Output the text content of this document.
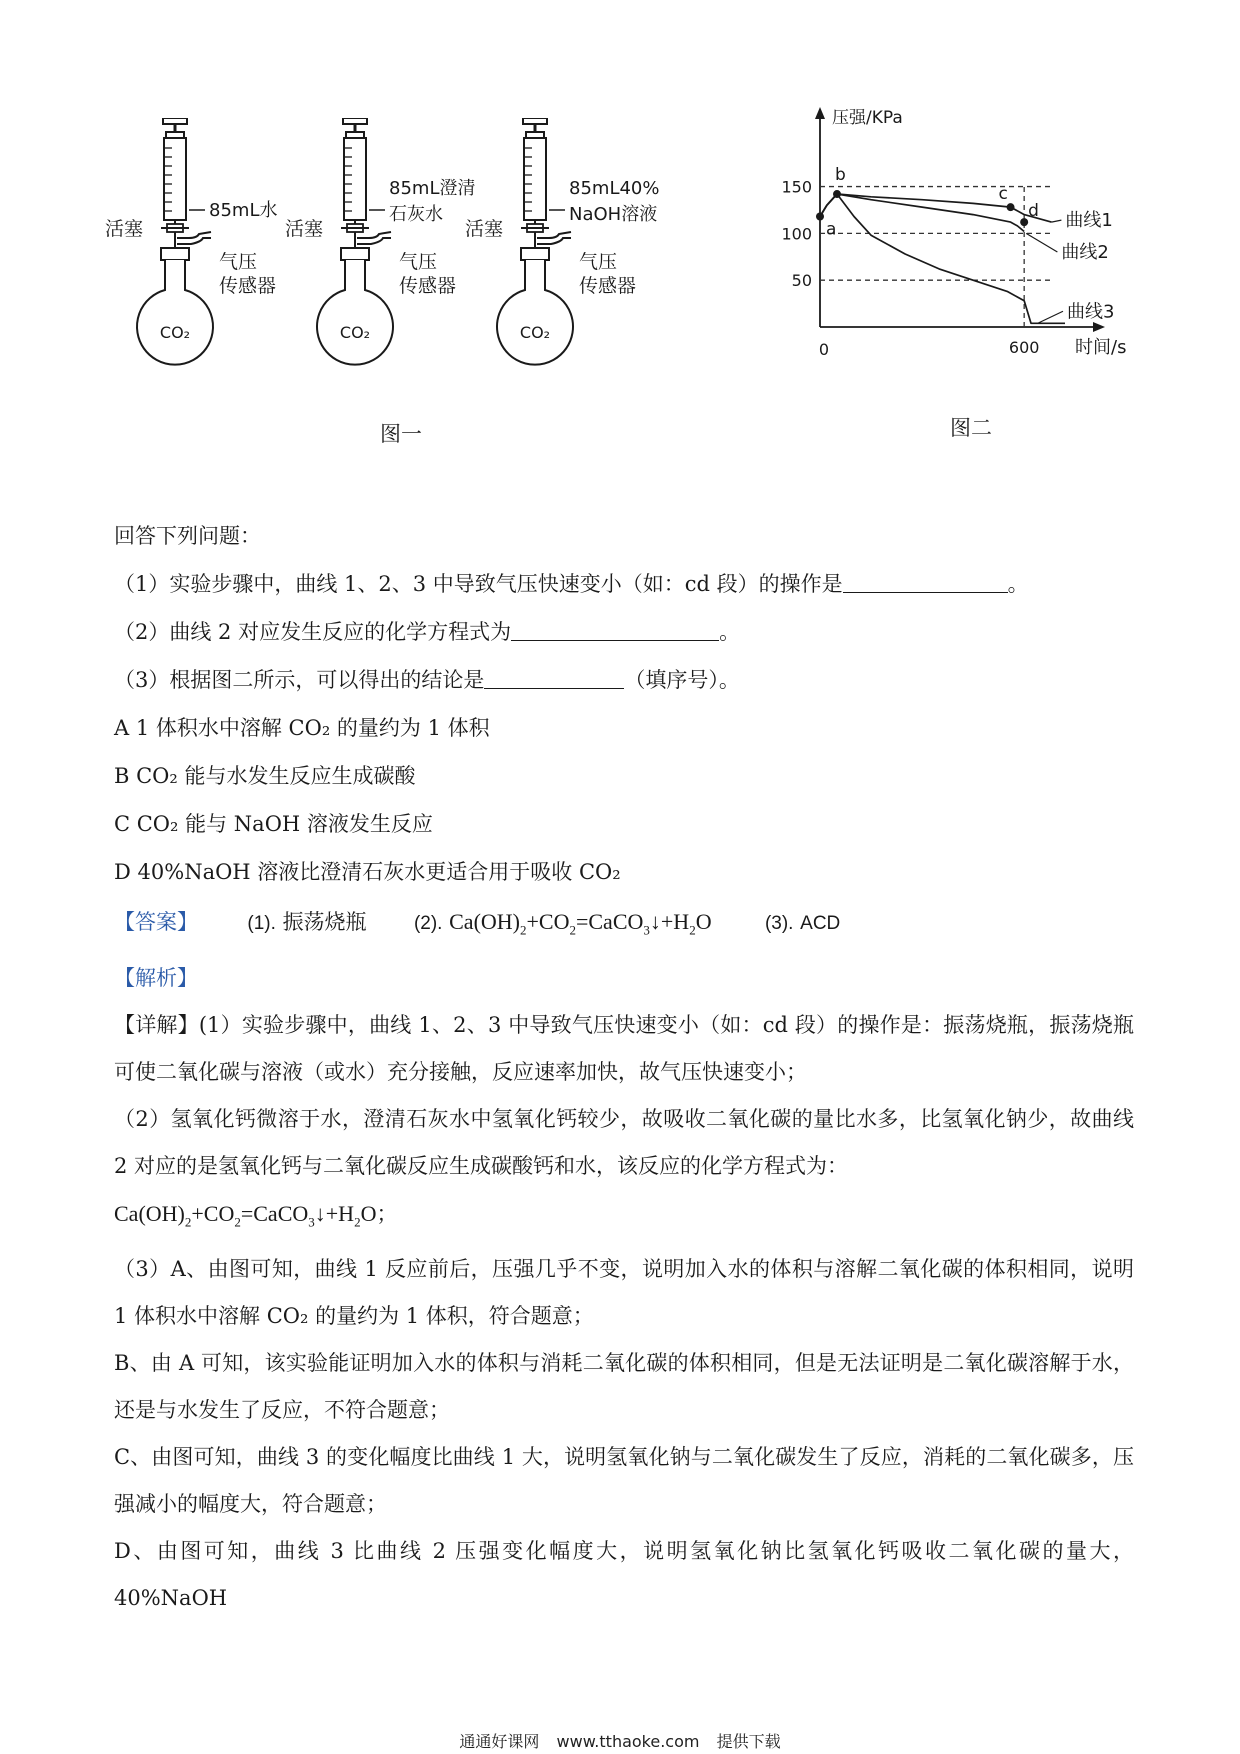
CO₂
活塞
85mL水
气压
传感器
CO₂
活塞
85mL澄清
石灰水
气压
传感器
CO₂
活塞
85mL40%
NaOH溶液
气压
传感器
压强/KPa
时间/s
150
100
50
0	600
曲线1
曲线2
曲线3
a
b
c
d
图一	图二

回答下列问题：

（1）实验步骤中，曲线 1、2、3 中导致气压快速变小（如：cd 段）的操作是	。

（2）曲线 2 对应发生反应的化学方程式为	。

（3）根据图二所示，可以得出的结论是	（填序号）。

A 1 体积水中溶解 CO₂ 的量约为 1 体积

B CO₂ 能与水发生反应生成碳酸

C CO₂ 能与 NaOH 溶液发生反应

D 40%NaOH 溶液比澄清石灰水更适合用于吸收 CO₂

【答案】	(1). 振荡烧瓶 (2). $Ca(OH)_2+CO_2=CaCO_3↓+H_2O$	(3). ACD

【解析】

【详解】(1）实验步骤中，曲线 1、2、3 中导致气压快速变小（如：cd 段）的操作是：振荡烧瓶，振荡烧瓶可使二氧化碳与溶液（或水）充分接触，反应速率加快，故气压快速变小；

（2）氢氧化钙微溶于水，澄清石灰水中氢氧化钙较少，故吸收二氧化碳的量比水多，比氢氧化钠少，故曲线 2 对应的是氢氧化钙与二氧化碳反应生成碳酸钙和水，该反应的化学方程式为：

$Ca(OH)_2+CO_2=CaCO_3↓+H_2O$；

（3）A、由图可知，曲线 1 反应前后，压强几乎不变，说明加入水的体积与溶解二氧化碳的体积相同，说明 1 体积水中溶解 CO₂ 的量约为 1 体积，符合题意；

B、由 A 可知，该实验能证明加入水的体积与消耗二氧化碳的体积相同，但是无法证明是二氧化碳溶解于水，还是与水发生了反应，不符合题意；

C、由图可知，曲线 3 的变化幅度比曲线 1 大，说明氢氧化钠与二氧化碳发生了反应，消耗的二氧化碳多，压强减小的幅度大，符合题意；

D、由图可知，曲线 3 比曲线 2 压强变化幅度大，说明氢氧化钠比氢氧化钙吸收二氧化碳的量大，40%NaOH

通通好课网 www.tthaoke.com 提供下载
